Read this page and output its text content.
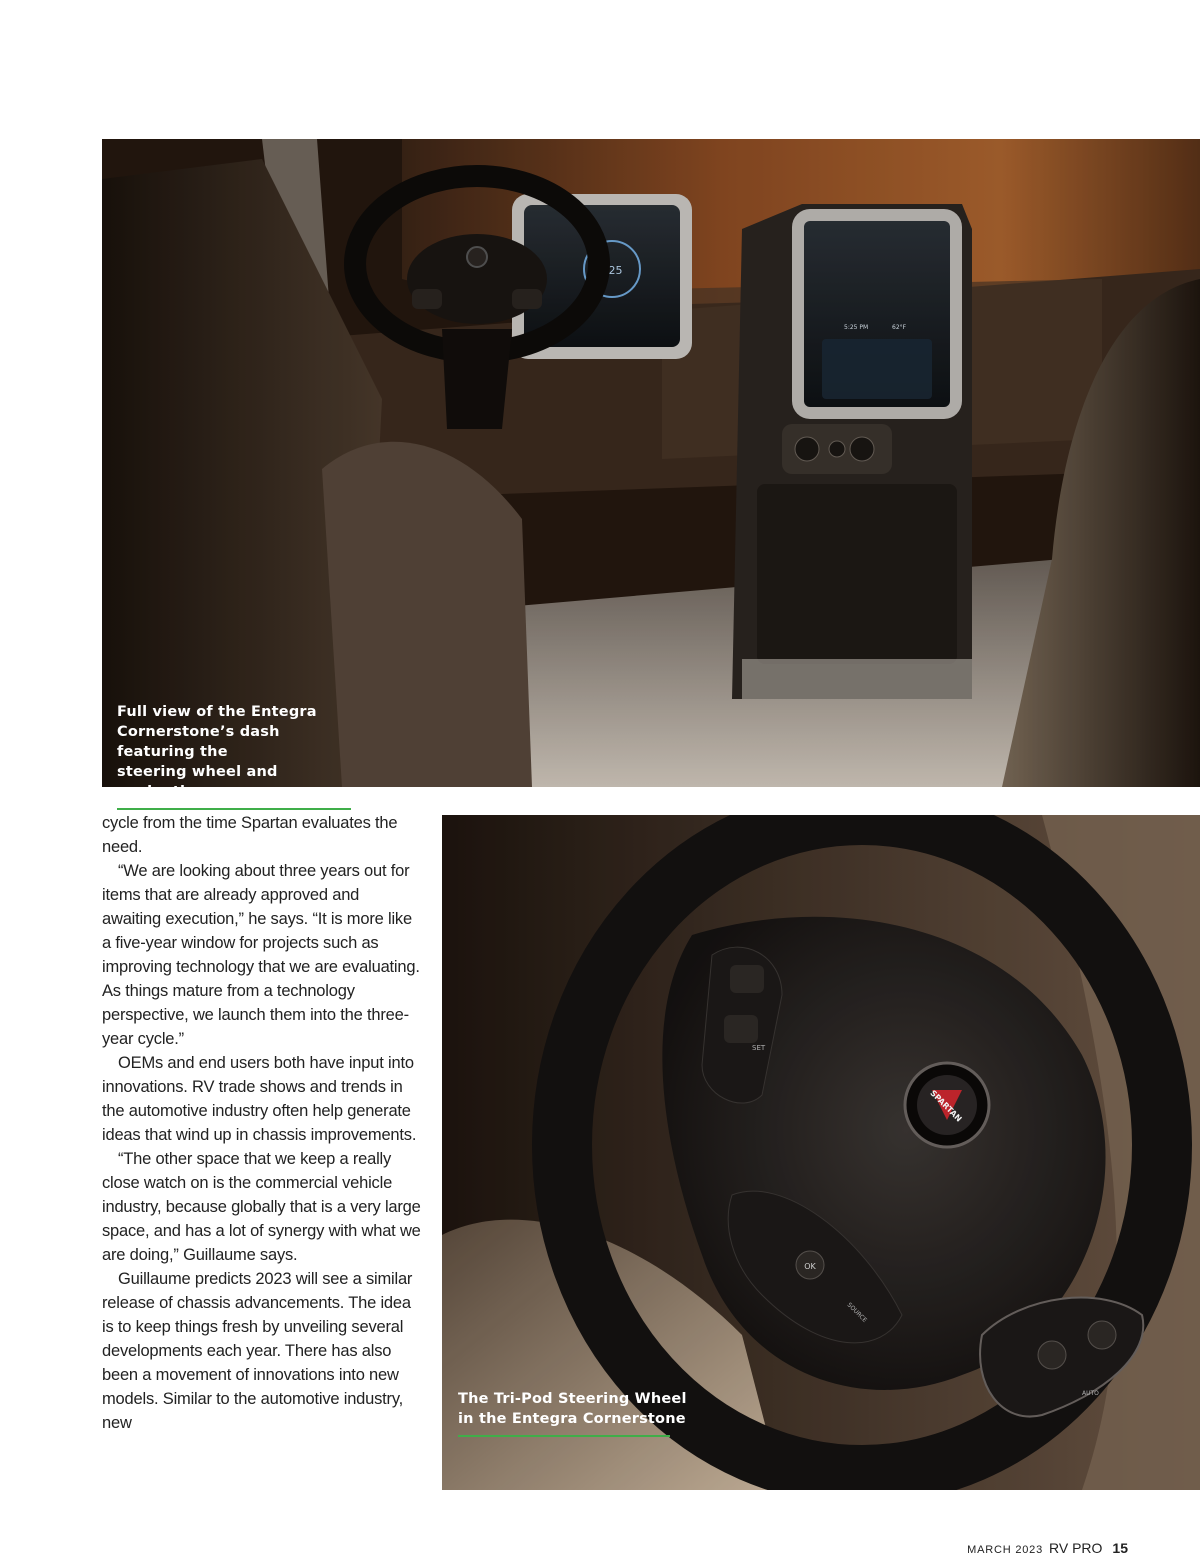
725
5:25 PM	62°F
Full view of the Entegra
Cornerstone’s dash featuring the
steering wheel and navigation

cycle from the time Spartan evaluates the need.

“We are looking about three years out for items that are already approved and awaiting execution,” he says. “It is more like a five-year window for projects such as improving technology that we are evaluating. As things mature from a technology perspective, we launch them into the three-year cycle.”

OEMs and end users both have input into innovations. RV trade shows and trends in the automotive industry often help generate ideas that wind up in chassis improvements.

“The other space that we keep a really close watch on is the commercial vehicle industry, because globally that is a very large space, and has a lot of synergy with what we are doing,” Guillaume says.

Guillaume predicts 2023 will see a similar release of chassis advancements. The idea is to keep things fresh by unveiling several developments each year. There has also been a movement of innovations into new models. Similar to the automotive industry, new

SPARTAN
SET
OK
SOURCE
AUTO
The Tri-Pod Steering Wheel
in the Entegra Cornerstone
MARCH 2023 RV PRO 15
